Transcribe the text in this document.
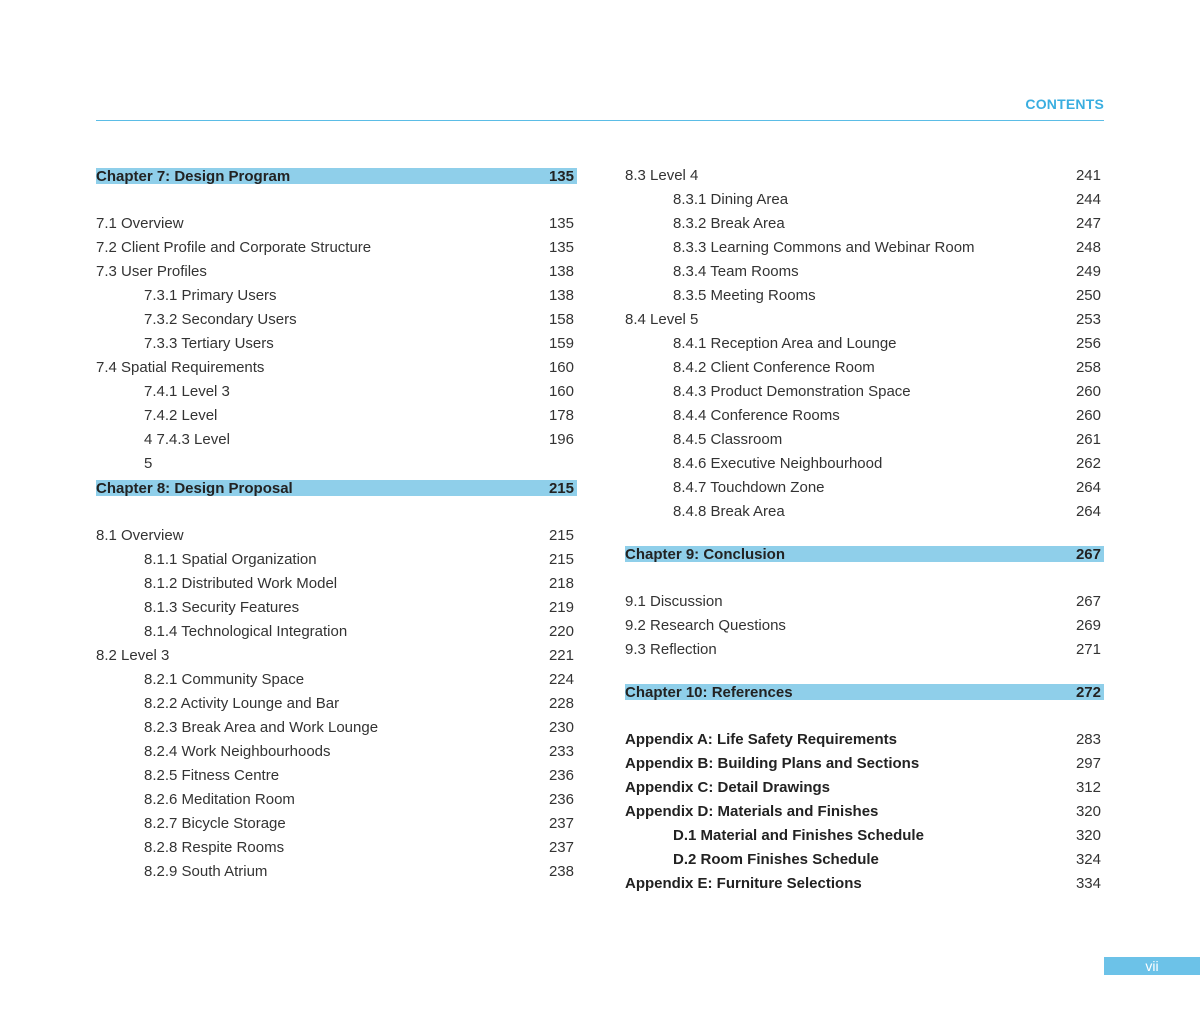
CONTENTS
Chapter 7: Design Program	135
7.1 Overview	135
7.2 Client Profile and Corporate Structure	135
7.3 User Profiles	138
7.3.1 Primary Users	138
7.3.2 Secondary Users	158
7.3.3 Tertiary Users	159
7.4 Spatial Requirements	160
7.4.1 Level 3	160
7.4.2 Level	178
4 7.4.3 Level	196
5
Chapter 8: Design Proposal	215
8.1 Overview	215
8.1.1 Spatial Organization	215
8.1.2 Distributed Work Model	218
8.1.3 Security Features	219
8.1.4 Technological Integration	220
8.2 Level 3	221
8.2.1 Community Space	224
8.2.2 Activity Lounge and Bar	228
8.2.3 Break Area and Work Lounge	230
8.2.4 Work Neighbourhoods	233
8.2.5 Fitness Centre	236
8.2.6 Meditation Room	236
8.2.7 Bicycle Storage	237
8.2.8 Respite Rooms	237
8.2.9 South Atrium	238
8.3 Level 4	241
8.3.1 Dining Area	244
8.3.2 Break Area	247
8.3.3 Learning Commons and Webinar Room	248
8.3.4 Team Rooms	249
8.3.5 Meeting Rooms	250
8.4 Level 5	253
8.4.1 Reception Area and Lounge	256
8.4.2 Client Conference Room	258
8.4.3 Product Demonstration Space	260
8.4.4 Conference Rooms	260
8.4.5 Classroom	261
8.4.6 Executive Neighbourhood	262
8.4.7 Touchdown Zone	264
8.4.8 Break Area	264
Chapter 9: Conclusion	267
9.1 Discussion	267
9.2 Research Questions	269
9.3 Reflection	271
Chapter 10: References	272
Appendix A: Life Safety Requirements	283
Appendix B: Building Plans and Sections	297
Appendix C: Detail Drawings	312
Appendix D: Materials and Finishes	320
D.1 Material and Finishes Schedule	320
D.2 Room Finishes Schedule	324
Appendix E: Furniture Selections	334
vii
